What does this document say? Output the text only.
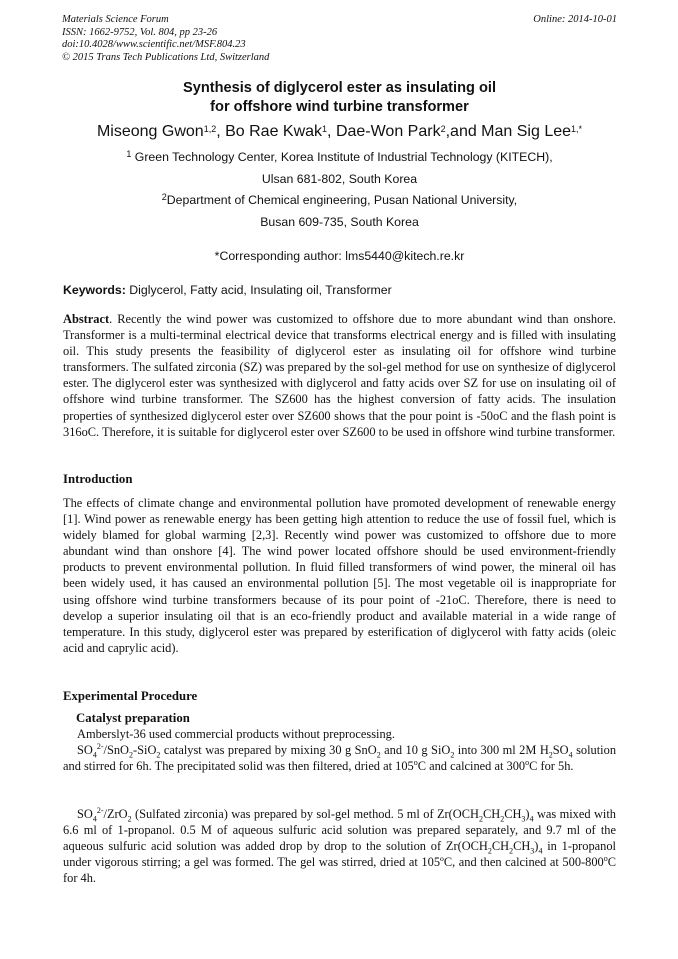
Materials Science Forum
ISSN: 1662-9752, Vol. 804, pp 23-26
doi:10.4028/www.scientific.net/MSF.804.23
© 2015 Trans Tech Publications Ltd, Switzerland
Online: 2014-10-01
Synthesis of diglycerol ester as insulating oil
for offshore wind turbine transformer
Miseong Gwon$^{1,2}$, Bo Rae Kwak$^1$, Dae-Won Park$^2$,and Man Sig Lee$^{1,*}$
$^1$ Green Technology Center, Korea Institute of Industrial Technology (KITECH),
Ulsan 681-802, South Korea
$^2$Department of Chemical engineering, Pusan National University,
Busan 609-735, South Korea
*Corresponding author: lms5440@kitech.re.kr
Keywords: Diglycerol, Fatty acid, Insulating oil, Transformer
Abstract. Recently the wind power was customized to offshore due to more abundant wind than onshore. Transformer is a multi-terminal electrical device that transforms electrical energy and is filled with insulating oil. This study presents the feasibility of diglycerol ester as insulating oil for offshore wind turbine transformers. The sulfated zirconia (SZ) was prepared by the sol-gel method for use on synthesize of diglycerol ester. The diglycerol ester was synthesized with diglycerol and fatty acids over SZ for use on insulating oil of offshore wind turbine transformer. The SZ600 has the highest conversion of fatty acids. The insulation properties of synthesized diglycerol ester over SZ600 shows that the pour point is -50oC and the flash point is 316oC. Therefore, it is suitable for diglycerol ester over SZ600 to be used in offshore wind turbine transformer.
Introduction
The effects of climate change and environmental pollution have promoted development of renewable energy [1]. Wind power as renewable energy has been getting high attention to reduce the use of fossil fuel, which is widely blamed for global warming [2,3]. Recently wind power was customized to offshore due to more abundant wind than onshore [4]. The wind power located offshore should be used environment-friendly products to prevent environmental pollution. In fluid filled transformers of wind power, the mineral oil has been widely used, it has caused an environmental pollution [5]. The most vegetable oil is inappropriate for using offshore wind turbine transformers because of its pour point of -21oC. Therefore, there is need to develop a superior insulating oil that is an eco-friendly product and available material in a wide range of temperature. In this study, diglycerol ester was prepared by esterification of diglycerol with fatty acids (oleic acid and caprylic acid).
Experimental Procedure
Catalyst preparation
Amberslyt-36 used commercial products without preprocessing.
$SO_4^{2-}/SnO_2-SiO_2$ catalyst was prepared by mixing 30 g SnO$_2$ and 10 g SiO$_2$ into 300 ml 2M $H_2SO_4$ solution and stirred for 6h. The precipitated solid was then filtered, dried at 105$^o$C and calcined at 300$^o$C for 5h.
$SO_4^{2-}/ZrO_2$ (Sulfated zirconia) was prepared by sol-gel method. 5 ml of $Zr(OCH_2CH_2CH_3)_4$ was mixed with 6.6 ml of 1-propanol. 0.5 M of aqueous sulfuric acid solution was prepared separately, and 9.7 ml of the aqueous sulfuric acid solution was added drop by drop to the solution of $Zr(OCH_2CH_2CH_3)_4$ in 1-propanol under vigorous stirring; a gel was formed. The gel was stirred, dried at 105ºC, and then calcined at 500-800$^o$C for 4h.
